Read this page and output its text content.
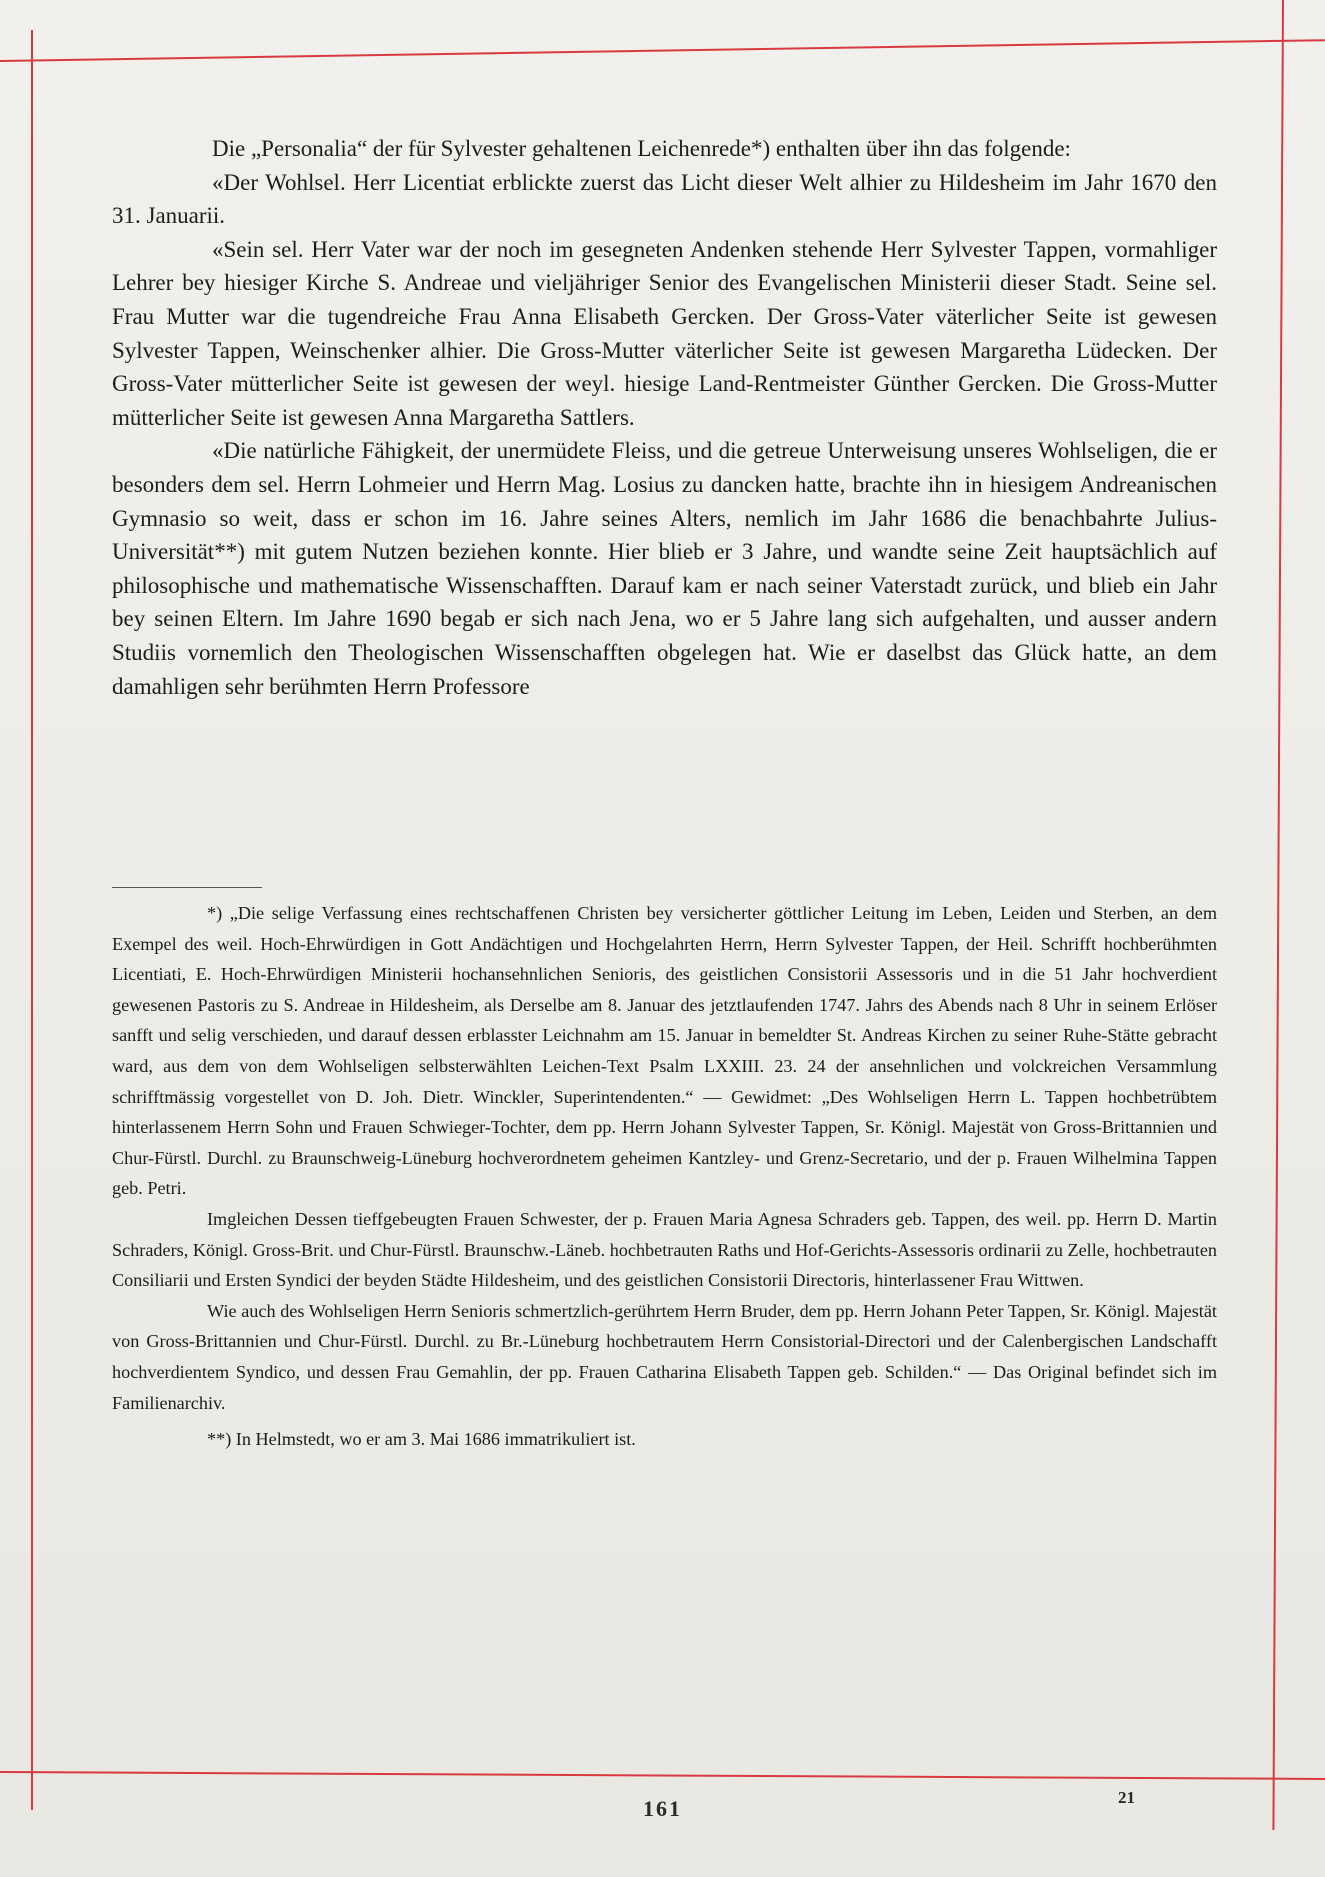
Die „Personalia“ der für Sylvester gehaltenen Leichenrede*) enthalten über ihn das folgende:

«Der Wohlsel. Herr Licentiat erblickte zuerst das Licht dieser Welt alhier zu Hildesheim im Jahr 1670 den 31. Januarii.

«Sein sel. Herr Vater war der noch im gesegneten Andenken stehende Herr Sylvester Tappen, vormahliger Lehrer bey hiesiger Kirche S. Andreae und vieljähriger Senior des Evangelischen Ministerii dieser Stadt. Seine sel. Frau Mutter war die tugendreiche Frau Anna Elisabeth Gercken. Der Gross-Vater väterlicher Seite ist gewesen Sylvester Tappen, Weinschenker alhier. Die Gross-Mutter väterlicher Seite ist gewesen Margaretha Lüdecken. Der Gross-Vater mütterlicher Seite ist gewesen der weyl. hiesige Land-Rentmeister Günther Gercken. Die Gross-Mutter mütterlicher Seite ist gewesen Anna Margaretha Sattlers.

«Die natürliche Fähigkeit, der unermüdete Fleiss, und die getreue Unterweisung unseres Wohlseligen, die er besonders dem sel. Herrn Lohmeier und Herrn Mag. Losius zu dancken hatte, brachte ihn in hiesigem Andreanischen Gymnasio so weit, dass er schon im 16. Jahre seines Alters, nemlich im Jahr 1686 die benachbahrte Julius-Universität**) mit gutem Nutzen beziehen konnte. Hier blieb er 3 Jahre, und wandte seine Zeit hauptsächlich auf philosophische und mathematische Wissenschafften. Darauf kam er nach seiner Vaterstadt zurück, und blieb ein Jahr bey seinen Eltern. Im Jahre 1690 begab er sich nach Jena, wo er 5 Jahre lang sich aufgehalten, und ausser andern Studiis vornemlich den Theologischen Wissenschafften obgelegen hat. Wie er daselbst das Glück hatte, an dem damahligen sehr berühmten Herrn Professore

*) „Die selige Verfassung eines rechtschaffenen Christen bey versicherter göttlicher Leitung im Leben, Leiden und Sterben, an dem Exempel des weil. Hoch-Ehrwürdigen in Gott Andächtigen und Hochgelahrten Herrn, Herrn Sylvester Tappen, der Heil. Schrifft hochberühmten Licentiati, E. Hoch-Ehrwürdigen Ministerii hochansehnlichen Senioris, des geistlichen Consistorii Assessoris und in die 51 Jahr hochverdient gewesenen Pastoris zu S. Andreae in Hildesheim, als Derselbe am 8. Januar des jetztlaufenden 1747. Jahrs des Abends nach 8 Uhr in seinem Erlöser sanfft und selig verschieden, und darauf dessen erblasster Leichnahm am 15. Januar in bemeldter St. Andreas Kirchen zu seiner Ruhe-Stätte gebracht ward, aus dem von dem Wohlseligen selbsterwählten Leichen-Text Psalm LXXIII. 23. 24 der ansehnlichen und volckreichen Versammlung schrifftmässig vorgestellet von D. Joh. Dietr. Winckler, Superintendenten.“ — Gewidmet: „Des Wohlseligen Herrn L. Tappen hochbetrübtem hinterlassenem Herrn Sohn und Frauen Schwieger-Tochter, dem pp. Herrn Johann Sylvester Tappen, Sr. Königl. Majestät von Gross-Brittannien und Chur-Fürstl. Durchl. zu Braunschweig-Lüneburg hochverordnetem geheimen Kantzley- und Grenz-Secretario, und der p. Frauen Wilhelmina Tappen geb. Petri.

Imgleichen Dessen tieffgebeugten Frauen Schwester, der p. Frauen Maria Agnesa Schraders geb. Tappen, des weil. pp. Herrn D. Martin Schraders, Königl. Gross-Brit. und Chur-Fürstl. Braunschw.-Läneb. hochbetrauten Raths und Hof-Gerichts-Assessoris ordinarii zu Zelle, hochbetrauten Consiliarii und Ersten Syndici der beyden Städte Hildesheim, und des geistlichen Consistorii Directoris, hinterlassener Frau Wittwen.

Wie auch des Wohlseligen Herrn Senioris schmertzlich-gerührtem Herrn Bruder, dem pp. Herrn Johann Peter Tappen, Sr. Königl. Majestät von Gross-Brittannien und Chur-Fürstl. Durchl. zu Br.-Lüneburg hochbetrautem Herrn Consistorial-Directori und der Calenbergischen Landschafft hochverdientem Syndico, und dessen Frau Gemahlin, der pp. Frauen Catharina Elisabeth Tappen geb. Schilden.“ — Das Original befindet sich im Familienarchiv.

**) In Helmstedt, wo er am 3. Mai 1686 immatrikuliert ist.

161	21
